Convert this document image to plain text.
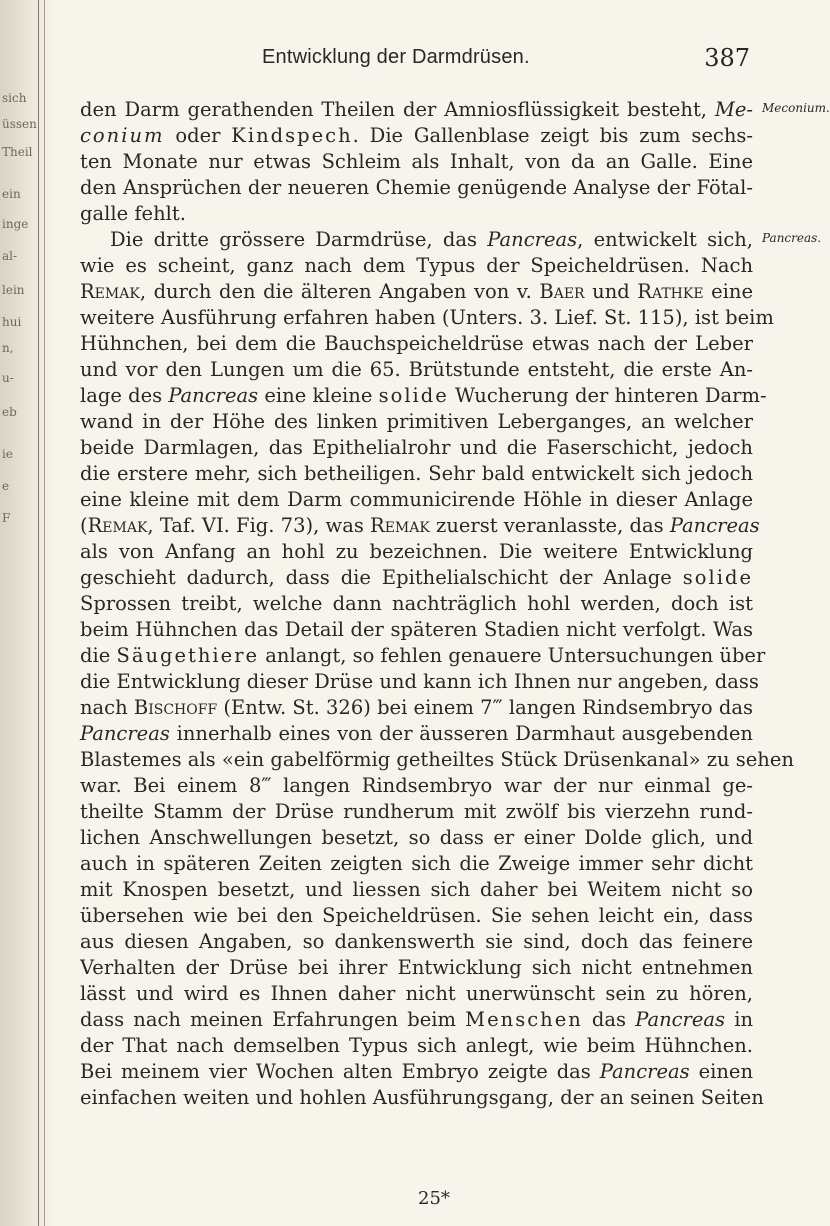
sich
üssen
Theil
ein
inge
al-
lein
hui
n,
u-
eb
ie
e
F
Entwicklung der Darmdrüsen.	387
Meconium.
Pancreas.
den Darm gerathenden Theilen der Amniosflüssigkeit besteht, Me-
conium oder Kindspech. Die Gallenblase zeigt bis zum sechs-
ten Monate nur etwas Schleim als Inhalt, von da an Galle. Eine
den Ansprüchen der neueren Chemie genügende Analyse der Fötal-
galle fehlt.
Die dritte grössere Darmdrüse, das Pancreas, entwickelt sich,
wie es scheint, ganz nach dem Typus der Speicheldrüsen. Nach
Remak, durch den die älteren Angaben von v. Baer und Rathke eine
weitere Ausführung erfahren haben (Unters. 3. Lief. St. 115), ist beim
Hühnchen, bei dem die Bauchspeicheldrüse etwas nach der Leber
und vor den Lungen um die 65. Brütstunde entsteht, die erste An-
lage des Pancreas eine kleine solide Wucherung der hinteren Darm-
wand in der Höhe des linken primitiven Leberganges, an welcher
beide Darmlagen, das Epithelialrohr und die Faserschicht, jedoch
die erstere mehr, sich betheiligen. Sehr bald entwickelt sich jedoch
eine kleine mit dem Darm communicirende Höhle in dieser Anlage
(Remak, Taf. VI. Fig. 73), was Remak zuerst veranlasste, das Pancreas
als von Anfang an hohl zu bezeichnen. Die weitere Entwicklung
geschieht dadurch, dass die Epithelialschicht der Anlage solide
Sprossen treibt, welche dann nachträglich hohl werden, doch ist
beim Hühnchen das Detail der späteren Stadien nicht verfolgt. Was
die Säugethiere anlangt, so fehlen genauere Untersuchungen über
die Entwicklung dieser Drüse und kann ich Ihnen nur angeben, dass
nach Bischoff (Entw. St. 326) bei einem 7‴ langen Rindsembryo das
Pancreas innerhalb eines von der äusseren Darmhaut ausgebenden
Blastemes als «ein gabelförmig getheiltes Stück Drüsenkanal» zu sehen
war. Bei einem 8‴ langen Rindsembryo war der nur einmal ge-
theilte Stamm der Drüse rundherum mit zwölf bis vierzehn rund-
lichen Anschwellungen besetzt, so dass er einer Dolde glich, und
auch in späteren Zeiten zeigten sich die Zweige immer sehr dicht
mit Knospen besetzt, und liessen sich daher bei Weitem nicht so
übersehen wie bei den Speicheldrüsen. Sie sehen leicht ein, dass
aus diesen Angaben, so dankenswerth sie sind, doch das feinere
Verhalten der Drüse bei ihrer Entwicklung sich nicht entnehmen
lässt und wird es Ihnen daher nicht unerwünscht sein zu hören,
dass nach meinen Erfahrungen beim Menschen das Pancreas in
der That nach demselben Typus sich anlegt, wie beim Hühnchen.
Bei meinem vier Wochen alten Embryo zeigte das Pancreas einen
einfachen weiten und hohlen Ausführungsgang, der an seinen Seiten
25*
